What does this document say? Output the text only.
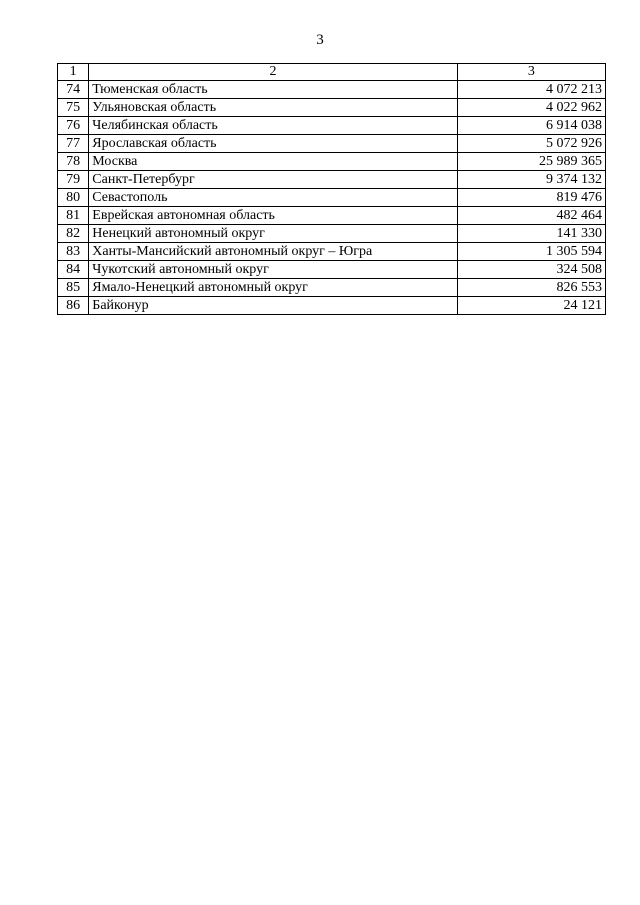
3
1	2	3
74	Тюменская область	4 072 213
75	Ульяновская область	4 022 962
76	Челябинская область	6 914 038
77	Ярославская область	5 072 926
78	Москва	25 989 365
79	Санкт-Петербург	9 374 132
80	Севастополь	819 476
81	Еврейская автономная область	482 464
82	Ненецкий автономный округ	141 330
83	Ханты-Мансийский автономный округ – Югра	1 305 594
84	Чукотский автономный округ	324 508
85	Ямало-Ненецкий автономный округ	826 553
86	Байконур	24 121
